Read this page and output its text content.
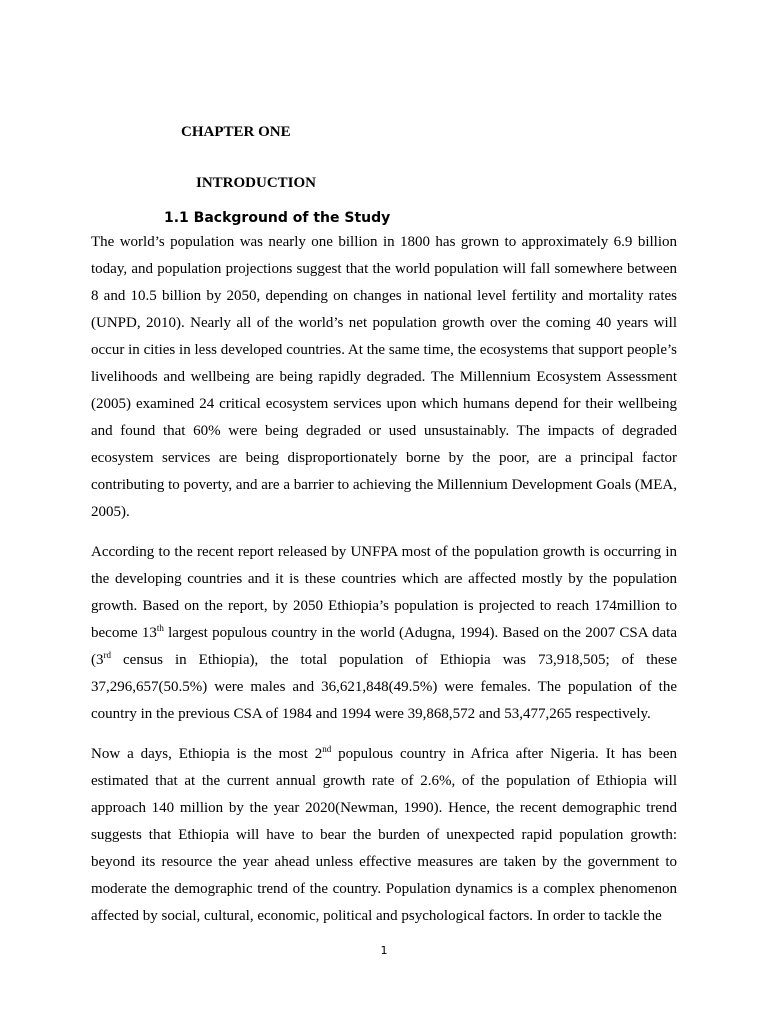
CHAPTER ONE
INTRODUCTION
1.1 Background of the Study

The world’s population was nearly one billion in 1800 has grown to approximately 6.9 billion today, and population projections suggest that the world population will fall somewhere between 8 and 10.5 billion by 2050, depending on changes in national level fertility and mortality rates (UNPD, 2010). Nearly all of the world’s net population growth over the coming 40 years will occur in cities in less developed countries. At the same time, the ecosystems that support people’s livelihoods and wellbeing are being rapidly degraded. The Millennium Ecosystem Assessment (2005) examined 24 critical ecosystem services upon which humans depend for their wellbeing and found that 60% were being degraded or used unsustainably. The impacts of degraded ecosystem services are being disproportionately borne by the poor, are a principal factor contributing to poverty, and are a barrier to achieving the Millennium Development Goals (MEA, 2005).

According to the recent report released by UNFPA most of the population growth is occurring in the developing countries and it is these countries which are affected mostly by the population growth. Based on the report, by 2050 Ethiopia’s population is projected to reach 174million to become 13th largest populous country in the world (Adugna, 1994). Based on the 2007 CSA data (3rd census in Ethiopia), the total population of Ethiopia was 73,918,505; of these 37,296,657(50.5%) were males and 36,621,848(49.5%) were females. The population of the country in the previous CSA of 1984 and 1994 were 39,868,572 and 53,477,265 respectively.

Now a days, Ethiopia is the most 2nd populous country in Africa after Nigeria. It has been estimated that at the current annual growth rate of 2.6%, of the population of Ethiopia will approach 140 million by the year 2020(Newman, 1990). Hence, the recent demographic trend suggests that Ethiopia will have to bear the burden of unexpected rapid population growth: beyond its resource the year ahead unless effective measures are taken by the government to moderate the demographic trend of the country. Population dynamics is a complex phenomenon affected by social, cultural, economic, political and psychological factors. In order to tackle the

1
